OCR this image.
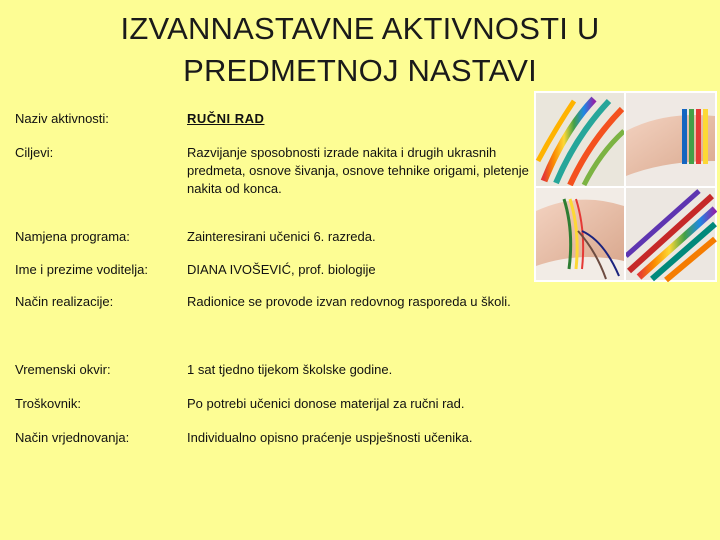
IZVANNASTAVNE AKTIVNOSTI U
PREDMETNOJ NASTAVI
Naziv aktivnosti:	RUČNI RAD
Ciljevi:	Razvijanje sposobnosti izrade nakita i drugih ukrasnih predmeta, osnove šivanja, osnove tehnike origami, pletenje nakita od konca.
Namjena programa:	Zainteresirani učenici 6. razreda.
Ime i prezime voditelja:	DIANA IVOŠEVIĆ, prof. biologije
Način realizacije:	Radionice se provode izvan redovnog rasporeda u školi.
Vremenski okvir:	1 sat tjedno tijekom školske godine.
Troškovnik:	Po potrebi učenici donose materijal za ručni rad.
Način vrjednovanja:	Individualno opisno praćenje uspješnosti učenika.
